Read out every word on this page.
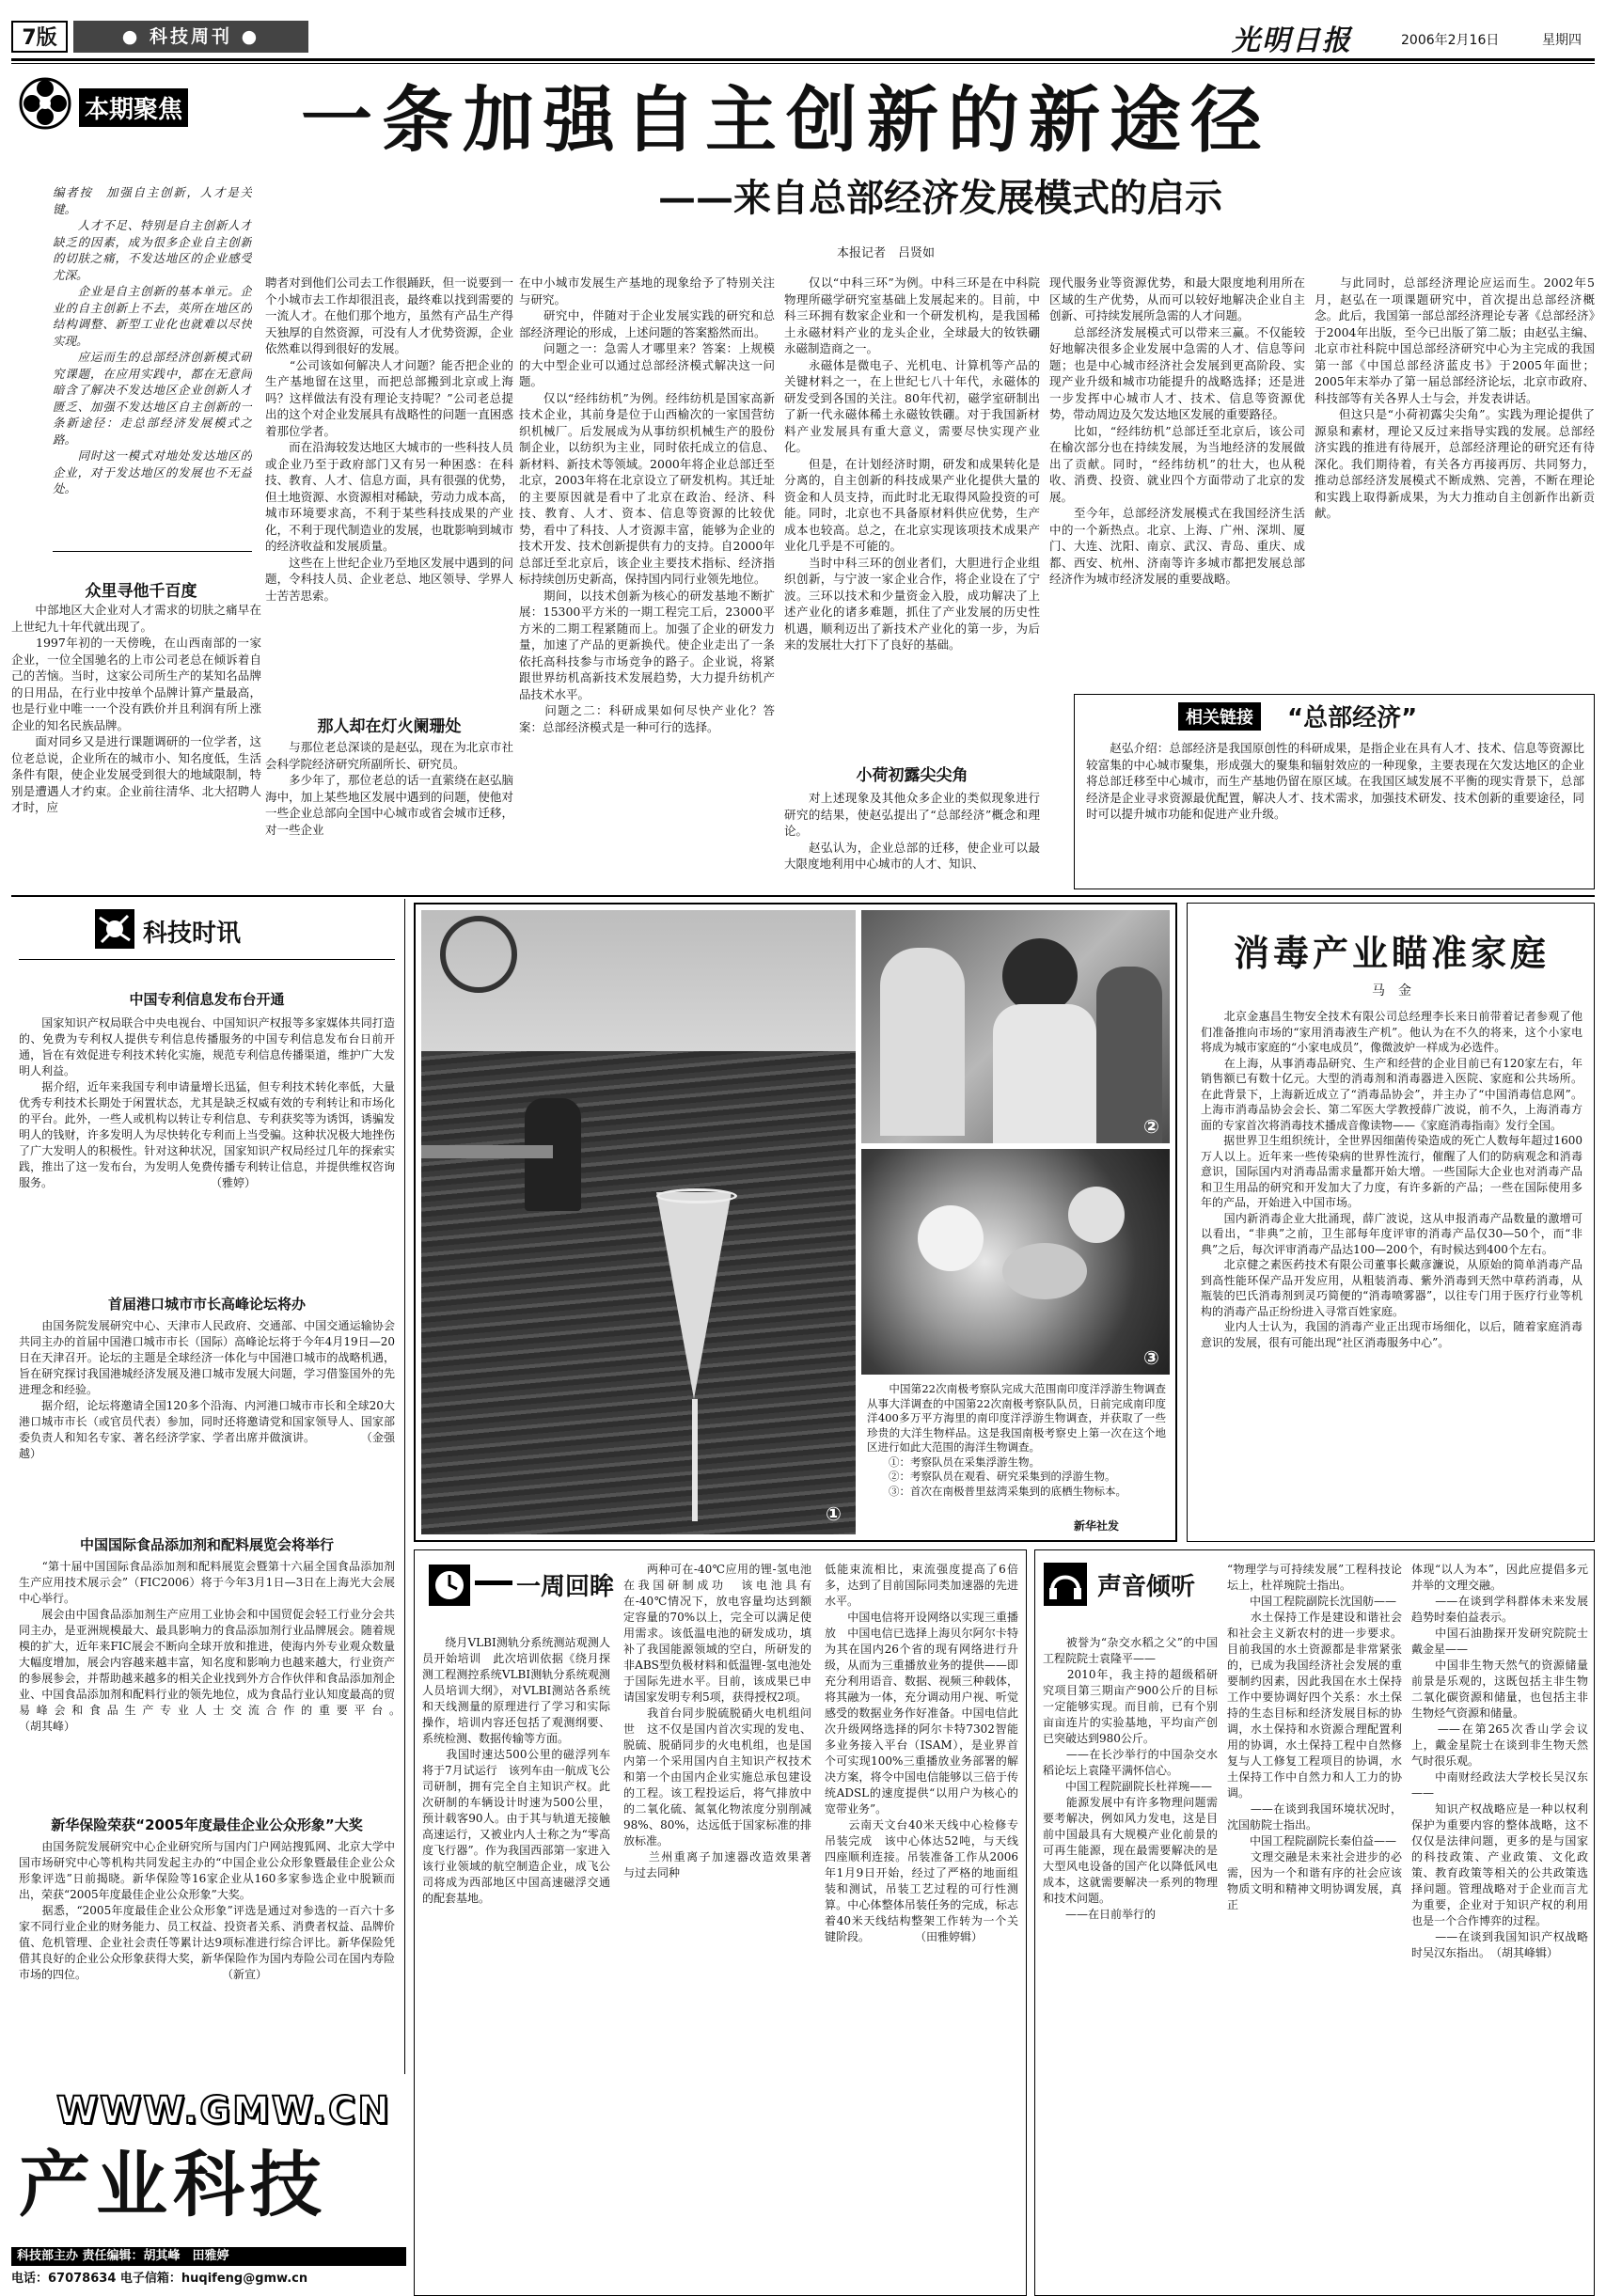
7版	● 科技周刊 ●	光明日报	2006年2月16日	星期四
本期聚焦 一条加强自主创新的新途径
——来自总部经济发展模式的启示
本报记者　吕贤如
编者按　加强自主创新，人才是关键。
　　人才不足、特别是自主创新人才缺乏的因素，成为很多企业自主创新的切肤之痛，不发达地区的企业感受尤深。
　　企业是自主创新的基本单元。企业的自主创新上不去，英所在地区的结构调整、新型工业化也就难以尽快实现。
　　应运而生的总部经济创新模式研究课题，在应用实践中，都在无意间暗含了解决不发达地区企业创新人才匮乏、加强不发达地区自主创新的一条新途径：走总部经济发展模式之路。
　　同时这一模式对地处发达地区的企业，对于发达地区的发展也不无益处。
众里寻他千百度
　　中部地区大企业对人才需求的切肤之痛早在上世纪九十年代就出现了。
　　1997年初的一天傍晚，在山西南部的一家企业，一位全国驰名的上市公司老总在倾诉着自己的苦恼。当时，这家公司所生产的某知名品牌的日用品，在行业中按单个品牌计算产量最高，也是行业中唯一一个没有跌价并且利润有所上涨企业的知名民族品牌。
　　面对同乡又是进行课题调研的一位学者，这位老总说，企业所在的城市小、知名度低，生活条件有限，使企业发展受到很大的地域限制，特别是遭遇人才约束。企业前往清华、北大招聘人才时，应
聘者对到他们公司去工作很踊跃，但一说要到一个小城市去工作却很沮丧，最终难以找到需要的一流人才。在他们那个地方，虽然有产品生产得天独厚的自然资源，可没有人才优势资源，企业依然难以得到很好的发展。
　　“公司该如何解决人才问题？能否把企业的生产基地留在这里，而把总部搬到北京或上海吗？这样做法有没有理论支持呢？”公司老总提出的这个对企业发展具有战略性的问题一直困惑着那位学者。
　　而在沿海较发达地区大城市的一些科技人员或企业乃至于政府部门又有另一种困惑：在科技、教育、人才、信息方面，具有很强的优势，但土地资源、水资源相对稀缺，劳动力成本高，城市环境要求高，不利于某些科技成果的产业化，不利于现代制造业的发展，也耽影响到城市的经济收益和发展质量。
　　这些在上世纪企业乃至地区发展中遇到的问题，令科技人员、企业老总、地区领导、学界人士苦苦思索。
那人却在灯火阑珊处
　　与那位老总深谈的是赵弘，现在为北京市社会科学院经济研究所副所长、研究员。
　　多少年了，那位老总的话一直萦绕在赵弘脑海中，加上某些地区发展中遇到的问题，使他对一些企业总部向全国中心城市或省会城市迁移，对一些企业
在中小城市发展生产基地的现象给予了特别关注与研究。
　　研究中，伴随对于企业发展实践的研究和总部经济理论的形成，上述问题的答案豁然而出。
　　问题之一：急需人才哪里来？答案：上规模的大中型企业可以通过总部经济模式解决这一问题。
　　仅以“经纬纺机”为例。经纬纺机是国家高新技术企业，其前身是位于山西榆次的一家国营纺织机械厂。后发展成为从事纺织机械生产的股份制企业，以纺织为主业，同时依托成立的信息、新材料、新技术等领域。2000年将企业总部迁至北京，2003年将在北京设立了研发机构。其迁址的主要原因就是看中了北京在政治、经济、科技、教育、人才、资本、信息等资源的比较优势，看中了科技、人才资源丰富，能够为企业的技术开发、技术创新提供有力的支持。自2000年总部迁至北京后，该企业主要技术指标、经济指标持续创历史新高，保持国内同行业领先地位。
　　期间，以技术创新为核心的研发基地不断扩展：15300平方米的一期工程完工后，23000平方米的二期工程紧随而上。加强了企业的研发力量，加速了产品的更新换代。使企业走出了一条依托高科技参与市场竞争的路子。企业说，将紧跟世界纺机高新技术发展趋势，大力提升纺机产品技术水平。
　　问题之二：科研成果如何尽快产业化？答案：总部经济模式是一种可行的选择。
　　仅以“中科三环”为例。中科三环是在中科院物理所磁学研究室基础上发展起来的。目前，中科三环拥有数家企业和一个研发机构，是我国稀土永磁材料产业的龙头企业，全球最大的钕铁硼永磁制造商之一。
　　永磁体是微电子、光机电、计算机等产品的关键材料之一，在上世纪七八十年代，永磁体的研发受到各国的关注。80年代初，磁学室研制出了新一代永磁体稀土永磁钕铁硼。对于我国新材料产业发展具有重大意义，需要尽快实现产业化。
　　但是，在计划经济时期，研发和成果转化是分离的，自主创新的科技成果产业化提供大量的资金和人员支持，而此时北无取得风险投资的可能。同时，北京也不具备原材料供应优势，生产成本也较高。总之，在北京实现该项技术成果产业化几乎是不可能的。
　　当时中科三环的创业者们，大胆进行企业组织创新，与宁波一家企业合作，将企业设在了宁波。三环以技术和少量资金入股，成功解决了上述产业化的诸多难题，抓住了产业发展的历史性机遇，顺利迈出了新技术产业化的第一步，为后来的发展壮大打下了良好的基础。
小荷初露尖尖角
　　对上述现象及其他众多企业的类似现象进行研究的结果，使赵弘提出了“总部经济”概念和理论。
　　赵弘认为，企业总部的迁移，使企业可以最大限度地利用中心城市的人才、知识、
现代服务业等资源优势，和最大限度地利用所在区域的生产优势，从而可以较好地解决企业自主创新、可持续发展所急需的人才问题。
　　总部经济发展模式可以带来三赢。不仅能较好地解决很多企业发展中急需的人才、信息等问题；也是中心城市经济社会发展到更高阶段、实现产业升级和城市功能提升的战略选择；还是进一步发挥中心城市人才、技术、信息等资源优势，带动周边及欠发达地区发展的重要路径。
　　比如，“经纬纺机”总部迁至北京后，该公司在榆次部分也在持续发展，为当地经济的发展做出了贡献。同时，“经纬纺机”的壮大，也从税收、消费、投资、就业四个方面带动了北京的发展。
　　至今年，总部经济发展模式在我国经济生活中的一个新热点。北京、上海、广州、深圳、厦门、大连、沈阳、南京、武汉、青岛、重庆、成都、西安、杭州、济南等许多城市都把发展总部经济作为城市经济发展的重要战略。
　　与此同时，总部经济理论应运而生。2002年5月，赵弘在一项课题研究中，首次提出总部经济概念。此后，我国第一部总部经济理论专著《总部经济》于2004年出版，至今已出版了第二版；由赵弘主编、北京市社科院中国总部经济研究中心为主完成的我国第一部《中国总部经济蓝皮书》于2005年面世；2005年末举办了第一届总部经济论坛，北京市政府、科技部等有关各界人士与会，并发表讲话。
　　但这只是“小荷初露尖尖角”。实践为理论提供了源泉和素材，理论又反过来指导实践的发展。总部经济实践的推进有待展开，总部经济理论的研究还有待深化。我们期待着，有关各方再接再厉、共同努力，推动总部经济发展模式不断成熟、完善，不断在理论和实践上取得新成果，为大力推动自主创新作出新贡献。
相关链接	“总部经济”
　　赵弘介绍：总部经济是我国原创性的科研成果，是指企业在具有人才、技术、信息等资源比较富集的中心城市聚集，形成强大的聚集和辐射效应的一种现象，主要表现在欠发达地区的企业将总部迁移至中心城市，而生产基地仍留在原区域。在我国区域发展不平衡的现实背景下，总部经济是企业寻求资源最优配置，解决人才、技术需求，加强技术研发、技术创新的重要途径，同时可以提升城市功能和促进产业升级。
科技时讯
中国专利信息发布台开通
　　国家知识产权局联合中央电视台、中国知识产权报等多家媒体共同打造的、免费为专利权人提供专利信息传播服务的中国专利信息发布台日前开通，旨在有效促进专利技术转化实施，规范专利信息传播渠道，维护广大发明人利益。
　　据介绍，近年来我国专利申请量增长迅猛，但专利技术转化率低，大量优秀专利技术长期处于闲置状态，尤其是缺乏权威有效的专利转让和市场化的平台。此外，一些人或机构以转让专利信息、专利获奖等为诱饵，诱骗发明人的钱财，许多发明人为尽快转化专利而上当受骗。这种状况极大地挫伤了广大发明人的积极性。针对这种状况，国家知识产权局经过几年的探索实践，推出了这一发布台，为发明人免费传播专利转让信息，并提供维权咨询服务。　　　　　　　　　　　　　　　（雅婷）
首届港口城市市长高峰论坛将办
　　由国务院发展研究中心、天津市人民政府、交通部、中国交通运输协会共同主办的首届中国港口城市市长（国际）高峰论坛将于今年4月19日—20日在天津召开。论坛的主题是全球经济一体化与中国港口城市的战略机遇，旨在研究探讨我国港城经济发展及港口城市发展大问题，学习借鉴国外的先进理念和经验。
　　据介绍，论坛将邀请全国120多个沿海、内河港口城市市长和全球20大港口城市市长（或官员代表）参加，同时还将邀请党和国家领导人、国家部委负责人和知名专家、著名经济学家、学者出席并做演讲。　　　　　（金强越）
中国国际食品添加剂和配料展览会将举行
　　“第十届中国国际食品添加剂和配料展览会暨第十六届全国食品添加剂生产应用技术展示会”（FIC2006）将于今年3月1日—3日在上海光大会展中心举行。
　　展会由中国食品添加剂生产应用工业协会和中国贸促会轻工行业分会共同主办，是亚洲规模最大、最具影响力的食品添加剂行业品牌展会。随着规模的扩大，近年来FIC展会不断向全球开放和推进，使海内外专业观众数量大幅度增加，展会内容越来越丰富，知名度和影响力也越来越大，行业资产的参展参会，并帮助越来越多的相关企业找到外方合作伙伴和食品添加剂企业、中国食品添加剂和配料行业的领先地位，成为食品行业认知度最高的贸易峰会和食品生产专业人士交流合作的重要平台。　　　　　　　　　　　　　　（胡其峰）
新华保险荣获“2005年度最佳企业公众形象”大奖
　　由国务院发展研究中心企业研究所与国内门户网站搜狐网、北京大学中国市场研究中心等机构共同发起主办的“中国企业公众形象暨最佳企业公众形象评选”日前揭晓。新华保险等16家企业从160多家参选企业中脱颖而出，荣获“2005年度最佳企业公众形象”大奖。
　　据悉，“2005年度最佳企业公众形象”评选是通过对参选的一百六十多家不同行业企业的财务能力、员工权益、投资者关系、消费者权益、品牌价值、危机管理、企业社会责任等累计达9项标准进行综合评比。新华保险凭借其良好的企业公众形象获得大奖，新华保险作为国内寿险公司在国内寿险市场的四位。　　　　　　　　　　　　　（新宣）
①
②
③
　　中国第22次南极考察队完成大范围南印度洋浮游生物调查　从事大洋调查的中国第22次南极考察队队员，日前完成南印度洋400多万平方海里的南印度洋浮游生物调查，并获取了一些珍贵的大洋生物样品。这是我国南极考察史上第一次在这个地区进行如此大范围的海洋生物调查。
　　①：考察队员在采集浮游生物。
　　②：考察队员在观看、研究采集到的浮游生物。
　　③：首次在南极普里兹湾采集到的底栖生物标本。
新华社发
消毒产业瞄准家庭
马　金
　　北京金惠昌生物安全技术有限公司总经理李长来日前带着记者参观了他们准备推向市场的“家用消毒液生产机”。他认为在不久的将来，这个小家电将成为城市家庭的“小家电成员”，像微波炉一样成为必选件。
　　在上海，从事消毒品研究、生产和经营的企业目前已有120家左右，年销售额已有数十亿元。大型的消毒剂和消毒器进入医院、家庭和公共场所。在此背景下，上海新近成立了“消毒品协会”，并主办了“中国消毒信息网”。上海市消毒品协会会长、第二军医大学教授薛广波说，前不久，上海消毒方面的专家首次将消毒技术播成音像读物——《家庭消毒指南》发行全国。
　　据世界卫生组织统计，全世界因细菌传染造成的死亡人数每年超过1600万人以上。近年来一些传染病的世界性流行，催醒了人们的防病观念和消毒意识，国际国内对消毒品需求量都开始大增。一些国际大企业也对消毒产品和卫生用品的研究和开发加大了力度，有许多新的产品；一些在国际使用多年的产品，开始进入中国市场。
　　国内新消毒企业大批涌现，薛广波说，这从申报消毒产品数量的激增可以看出，“非典”之前，卫生部每年度评审的消毒产品仅30—50个，而“非典”之后，每次评审消毒产品达100—200个，有时候达到400个左右。
　　北京健之素医药技术有限公司董事长戴彦濂说，从原始的简单消毒产品到高性能环保产品开发应用，从粗装消毒、紫外消毒到天然中草药消毒，从瓶装的巴氏消毒剂到灵巧简便的“消毒喷雾器”，以往专门用于医疗行业等机构的消毒产品正纷纷进入寻常百姓家庭。
　　业内人士认为，我国的消毒产业正出现市场细化，以后，随着家庭消毒意识的发展，很有可能出现“社区消毒服务中心”。
一周回眸
　　绕月VLBI测轨分系统测站观测人员开始培训　此次培训依据《绕月探测工程测控系统VLBI测轨分系统观测人员培训大纲》，对VLBI测站各系统和天线测量的原理进行了学习和实际操作，培训内容还包括了观测纲要、系统检测、数据传输等方面。
　　我国时速达500公里的磁浮列车将于7月试运行　该列车由一航成飞公司研制，拥有完全自主知识产权。此次研制的车辆设计时速为500公里，预计载客90人。由于其与轨道无接触高速运行，又被业内人士称之为“零高度飞行器”。作为我国西部第一家进入该行业领域的航空制造企业，成飞公司将成为西部地区中国高速磁浮交通的配套基地。
　　两种可在-40℃应用的锂-氢电池在我国研制成功　该电池具有在-40℃情况下，放电容量均达到额定容量的70%以上，完全可以满足使用需求。该低温电池的研发成功，填补了我国能源领域的空白，所研发的非ABS型负极材料和低温锂-氢电池处于国际先进水平。目前，该成果已申请国家发明专利5项，获得授权2项。
　　我首台同步脱硫脱硝火电机组问世　这不仅是国内首次实现的发电、脱硫、脱硝同步的火电机组，也是国内第一个采用国内自主知识产权技术和第一个由国内企业实施总承包建设的工程。该工程投运后，将气排放中的二氧化硫、氮氧化物浓度分别削减98%、80%，达远低于国家标准的排放标准。
　　兰州重离子加速器改造效果著　与过去同种
低能束流相比，束流强度提高了6倍多，达到了目前国际同类加速器的先进水平。
　　中国电信将开设网络以实现三重播放　中国电信已选择上海贝尔阿尔卡特为其在国内26个省的现有网络进行升级，从而为三重播放业务的提供——即充分利用语音、数据、视频三种载体，将其融为一体，充分调动用户视、听觉感受的数据业务作好准备。中国电信此次升级网络选择的阿尔卡特7302智能多业务接入平台（ISAM），是业界首个可实现100%三重播放业务部署的解决方案，将令中国电信能够以三倍于传统ADSL的速度提供“以用户为核心的宽带业务”。
　　云南天文台40米天线中心检修专吊装完成　该中心体达52吨，与天线四座顺利连接。吊装准备工作从2006年1月9日开始，经过了严格的地面组装和测试，吊装工艺过程的可行性测算。中心体整体吊装任务的完成，标志着40米天线结构整架工作转为一个关键阶段。　　　　　（田雅婷辑）
声音倾听
　　被誉为“杂交水稻之父”的中国工程院院士袁隆平——
　　2010年，我主持的超级稻研究项目第三期亩产900公斤的目标一定能够实现。而目前，已有个别亩亩连片的实验基地，平均亩产创已突破达到980公斤。
　　——在长沙举行的中国杂交水稻论坛上袁隆平满怀信心。
　　中国工程院副院长杜祥琬——
　　能源发展中有许多物理问题需要考解决，例如风力发电，这是目前中国最具有大规模产业化前景的可再生能源，现在最需要解决的是大型风电设备的国产化以降低风电成本，这就需要解决一系列的物理和技术问题。
　　——在日前举行的
“物理学与可持续发展”工程科技论坛上，杜祥琬院士指出。
　　中国工程院副院长沈国舫——
　　水土保持工作是建设和谐社会和社会主义新农村的进一步要求。目前我国的水土资源都是非常紧张的，已成为我国经济社会发展的重要制约因素，因此我国在水土保持工作中要协调好四个关系：水土保持的生态目标和经济发展目标的协调，水土保持和水资源合理配置利用的协调，水土保持工程中自然修复与人工修复工程项目的协调，水土保持工作中自然力和人工力的协调。
　　——在谈到我国环境状况时，沈国舫院士指出。
　　中国工程院副院长秦伯益——
　　文理交融是未来社会进步的必需，因为一个和谐有序的社会应该物质文明和精神文明协调发展，真正
体现“以人为本”，因此应提倡多元并举的文理交融。
　　——在谈到学科群体未来发展趋势时秦伯益表示。
　　中国石油勘探开发研究院院士戴金星——
　　中国非生物天然气的资源储量前景是乐观的，这既包括主非生物二氧化碳资源和储量，也包括主非生物烃气资源和储量。
　　——在第265次香山学会议上，戴金星院士在谈到非生物天然气时很乐观。
　　中南财经政法大学校长吴汉东——
　　知识产权战略应是一种以权利保护为重要内容的整体战略，这不仅仅是法律问题，更多的是与国家的科技政策、产业政策、文化政策、教育政策等相关的公共政策选择问题。管理战略对于企业而言尤为重要，企业对于知识产权的利用也是一个合作博弈的过程。
　　——在谈到我国知识产权战略时吴汉东指出。　（胡其峰辑）
WWW.GMW.CN
产业科技
科技部主办 责任编辑：胡其峰　田雅婷
电话：67078634 电子信箱：huqifeng@gmw.cn
